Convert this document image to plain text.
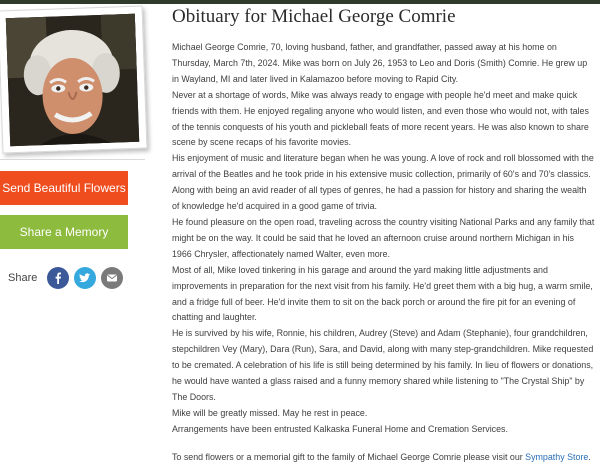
Send Beautiful Flowers
Share a Memory
Share
Obituary for Michael George Comrie

Michael George Comrie, 70, loving husband, father, and grandfather, passed away at his home on Thursday, March 7th, 2024. Mike was born on July 26, 1953 to Leo and Doris (Smith) Comrie. He grew up in Wayland, MI and later lived in Kalamazoo before moving to Rapid City.

Never at a shortage of words, Mike was always ready to engage with people he'd meet and make quick friends with them. He enjoyed regaling anyone who would listen, and even those who would not, with tales of the tennis conquests of his youth and pickleball feats of more recent years. He was also known to share scene by scene recaps of his favorite movies.

His enjoyment of music and literature began when he was young. A love of rock and roll blossomed with the arrival of the Beatles and he took pride in his extensive music collection, primarily of 60's and 70's classics. Along with being an avid reader of all types of genres, he had a passion for history and sharing the wealth of knowledge he'd acquired in a good game of trivia.

He found pleasure on the open road, traveling across the country visiting National Parks and any family that might be on the way. It could be said that he loved an afternoon cruise around northern Michigan in his 1966 Chrysler, affectionately named Walter, even more.

Most of all, Mike loved tinkering in his garage and around the yard making little adjustments and improvements in preparation for the next visit from his family. He'd greet them with a big hug, a warm smile, and a fridge full of beer. He'd invite them to sit on the back porch or around the fire pit for an evening of chatting and laughter.

He is survived by his wife, Ronnie, his children, Audrey (Steve) and Adam (Stephanie), four grandchildren, stepchildren Vey (Mary), Dara (Run), Sara, and David, along with many step-grandchildren. Mike requested to be cremated. A celebration of his life is still being determined by his family. In lieu of flowers or donations, he would have wanted a glass raised and a funny memory shared while listening to "The Crystal Ship" by The Doors.

Mike will be greatly missed. May he rest in peace.

Arrangements have been entrusted Kalkaska Funeral Home and Cremation Services.

To send flowers or a memorial gift to the family of Michael George Comrie please visit our Sympathy Store.
